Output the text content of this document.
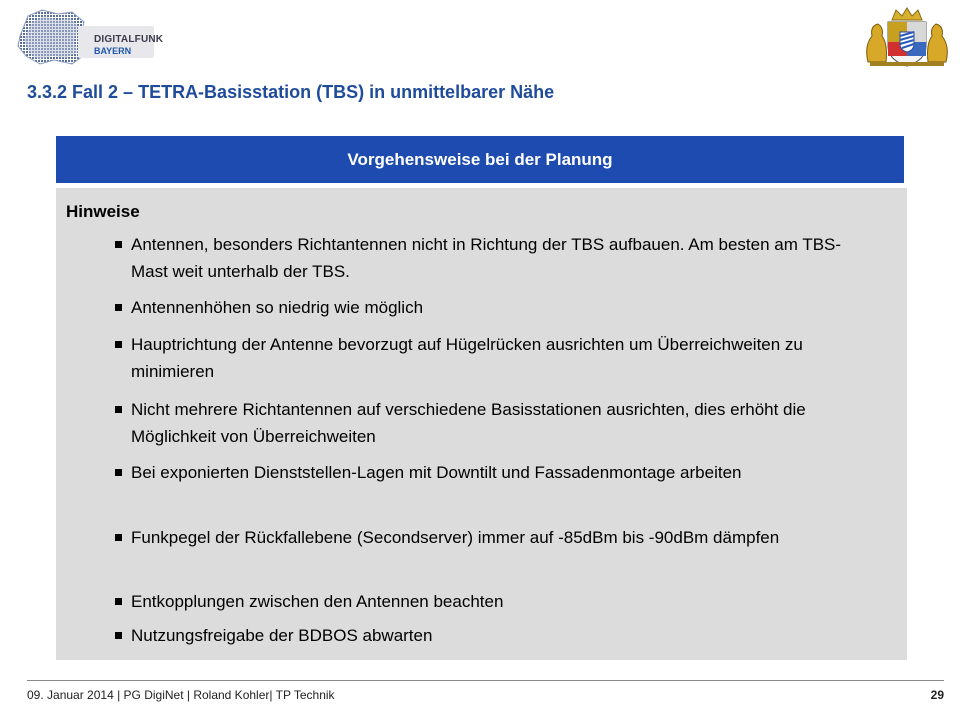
DIGITALFUNK
BAYERN
3.3.2 Fall 2 – TETRA-Basisstation (TBS) in unmittelbarer Nähe
Vorgehensweise bei der Planung
Hinweise
Antennen, besonders Richtantennen nicht in Richtung der TBS aufbauen. Am besten am TBS-Mast weit unterhalb der TBS.
Antennenhöhen so niedrig wie möglich
Hauptrichtung der Antenne bevorzugt auf Hügelrücken ausrichten um Überreichweiten zu minimieren
Nicht mehrere Richtantennen auf verschiedene Basisstationen ausrichten, dies erhöht die Möglichkeit von Überreichweiten
Bei exponierten Dienststellen-Lagen mit Downtilt und Fassadenmontage arbeiten
Funkpegel der Rückfallebene (Secondserver) immer auf -85dBm bis -90dBm dämpfen
Entkopplungen zwischen den Antennen beachten
Nutzungsfreigabe der BDBOS abwarten
09. Januar 2014 | PG DigiNet | Roland Kohler| TP Technik	29
